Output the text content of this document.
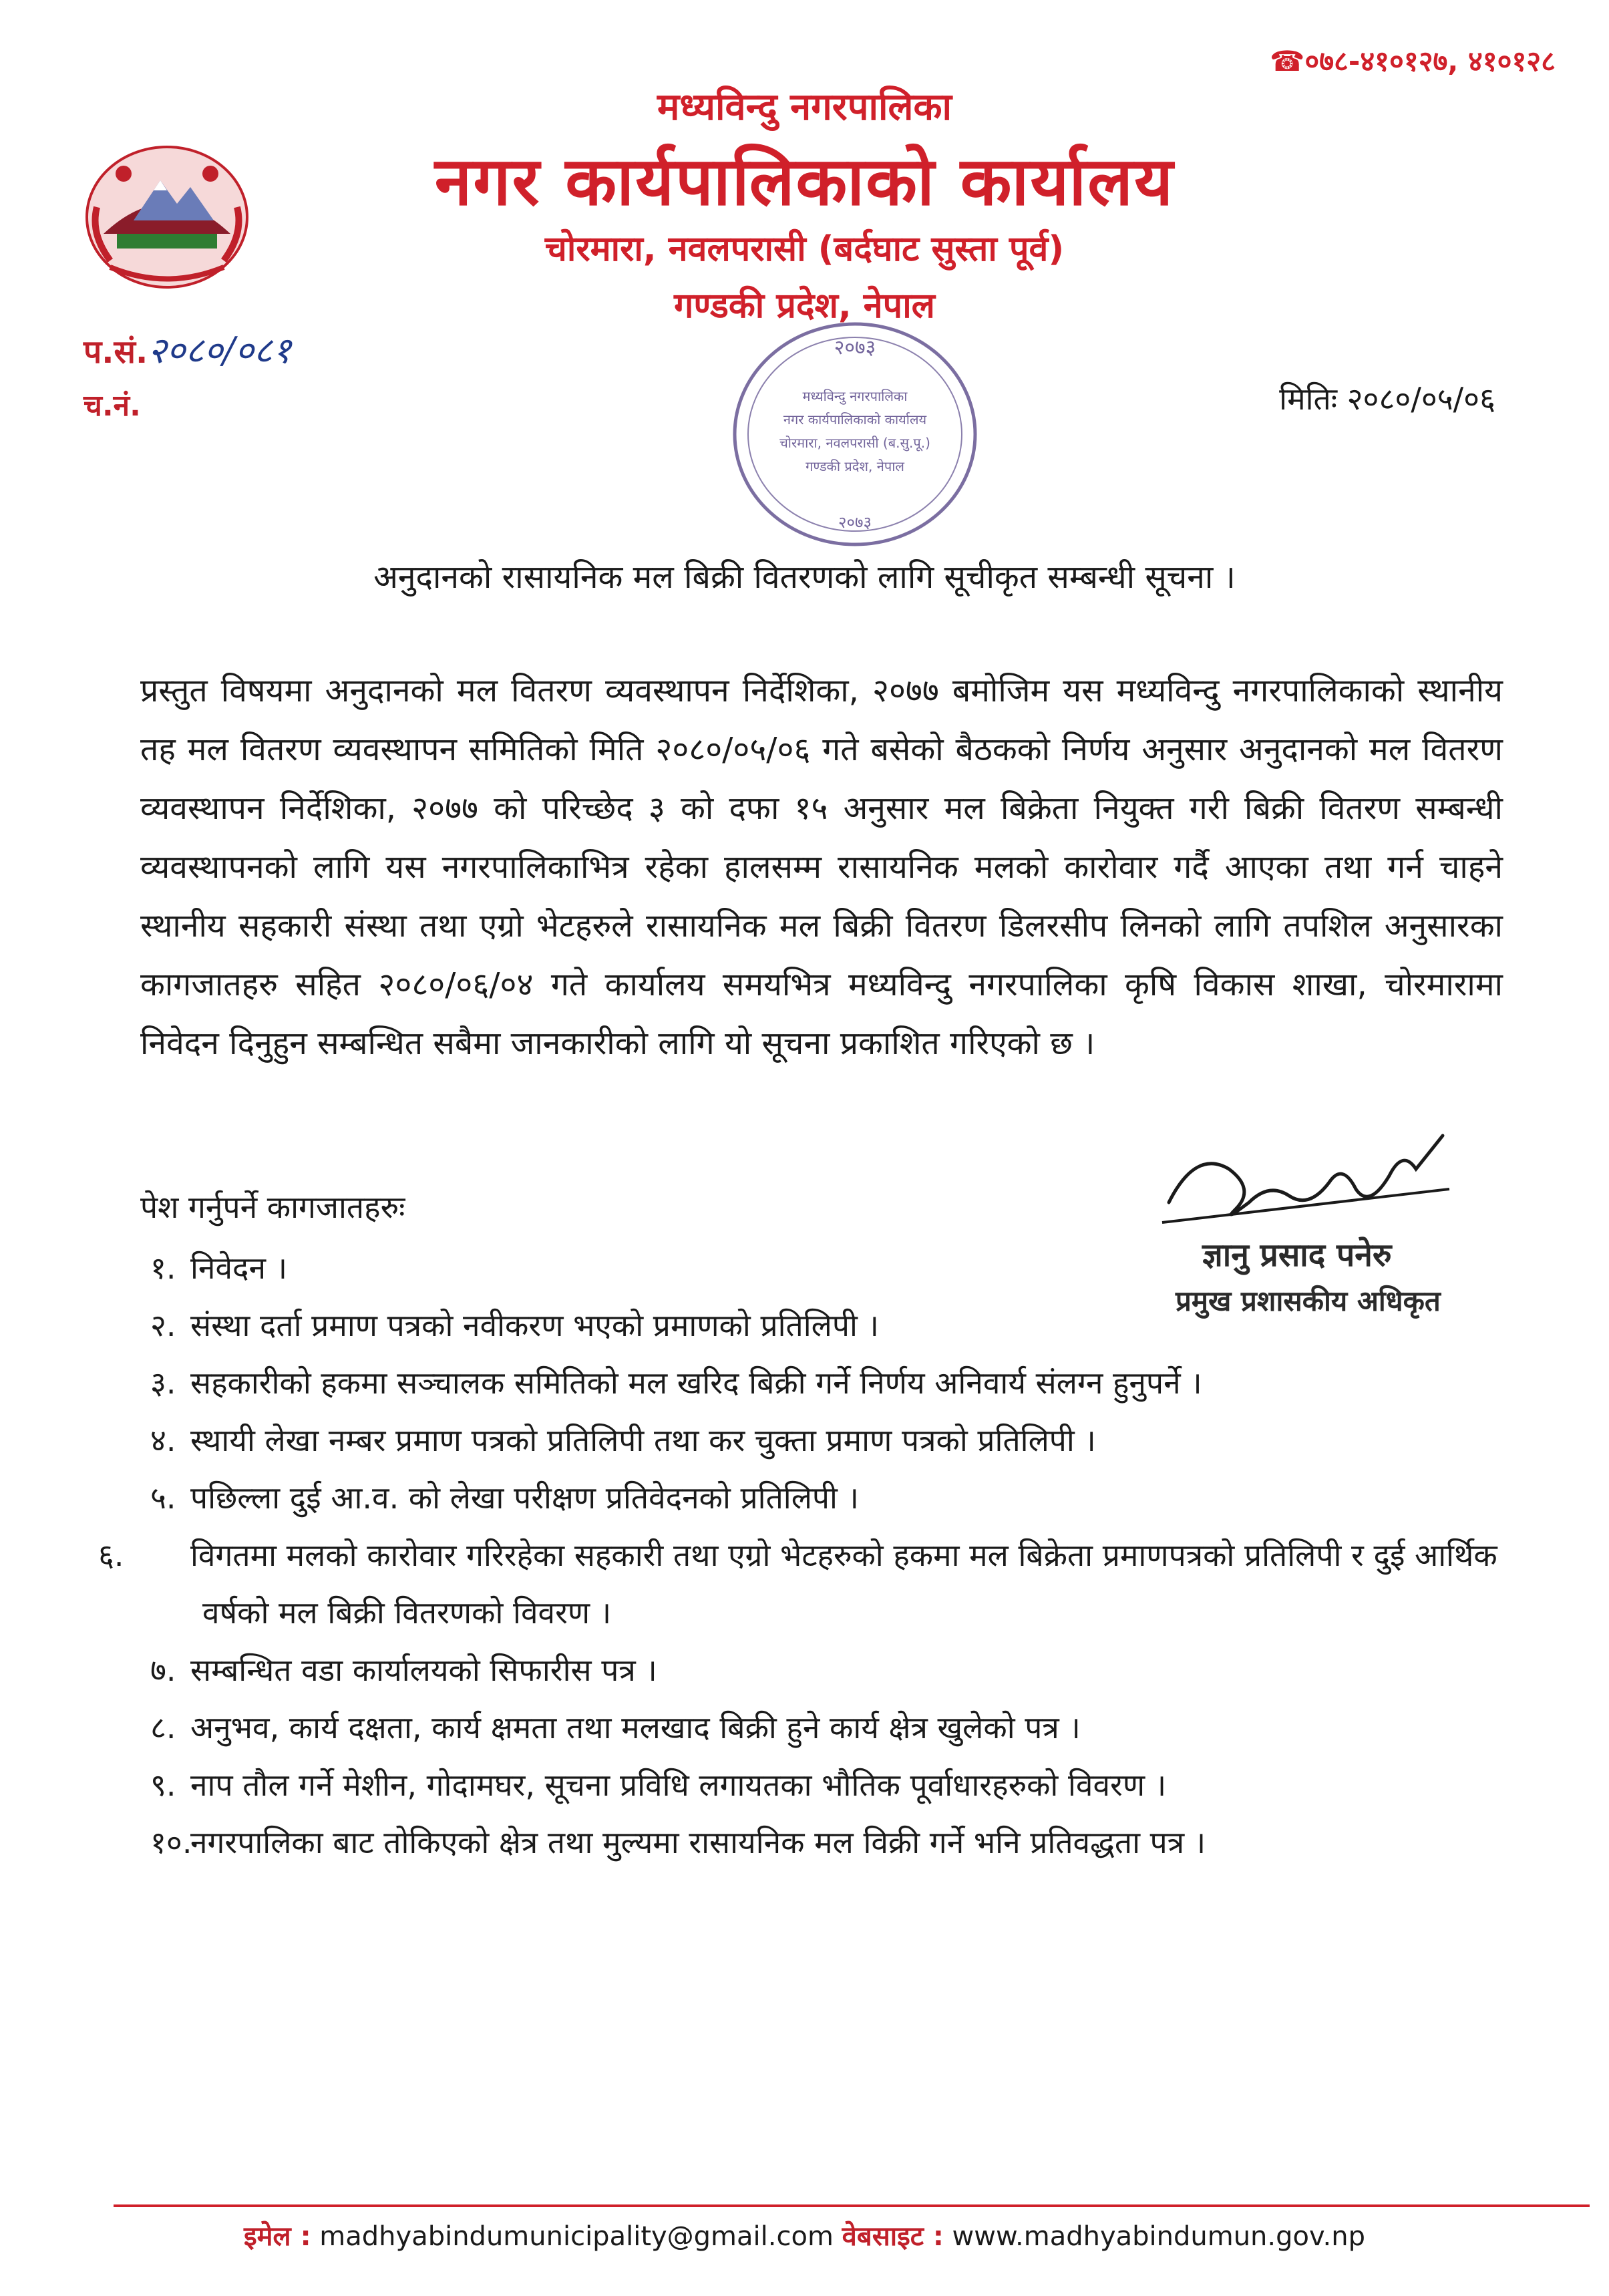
☎०७८-४१०१२७, ४१०१२८
मध्यविन्दु नगरपालिका
नगर कार्यपालिकाको कार्यालय
चोरमारा, नवलपरासी (बर्दघाट सुस्ता पूर्व)
गण्डकी प्रदेश, नेपाल
प.सं.२०८०/०८१
च.नं.	मितिः २०८०/०५/०६
२०७३
मध्यविन्दु नगरपालिका
नगर कार्यपालिकाको कार्यालय
चोरमारा, नवलपरासी (ब.सु.पू.)
गण्डकी प्रदेश, नेपाल
२०७३
अनुदानको रासायनिक मल बिक्री वितरणको लागि सूचीकृत सम्बन्धी सूचना ।
प्रस्तुत विषयमा अनुदानको मल वितरण व्यवस्थापन निर्देशिका, २०७७ बमोजिम यस मध्यविन्दु नगरपालिकाको स्थानीय तह मल वितरण व्यवस्थापन समितिको मिति २०८०/०५/०६ गते बसेको बैठकको निर्णय अनुसार अनुदानको मल वितरण व्यवस्थापन निर्देशिका, २०७७ को परिच्छेद ३ को दफा १५ अनुसार मल बिक्रेता नियुक्त गरी बिक्री वितरण सम्बन्धी व्यवस्थापनको लागि यस नगरपालिकाभित्र रहेका हालसम्म रासायनिक मलको कारोवार गर्दै आएका तथा गर्न चाहने स्थानीय सहकारी संस्था तथा एग्रो भेटहरुले रासायनिक मल बिक्री वितरण डिलरसीप लिनको लागि तपशिल अनुसारका कागजातहरु सहित २०८०/०६/०४ गते कार्यालय समयभित्र मध्यविन्दु नगरपालिका कृषि विकास शाखा, चोरमारामा निवेदन दिनुहुन सम्बन्धित सबैमा जानकारीको लागि यो सूचना प्रकाशित गरिएको छ ।
ज्ञानु प्रसाद पनेरु
प्रमुख प्रशासकीय अधिकृत
पेश गर्नुपर्ने कागजातहरुः
१. निवेदन ।
२. संस्था दर्ता प्रमाण पत्रको नवीकरण भएको प्रमाणको प्रतिलिपी ।
३. सहकारीको हकमा सञ्चालक समितिको मल खरिद बिक्री गर्ने निर्णय अनिवार्य संलग्न हुनुपर्ने ।
४. स्थायी लेखा नम्बर प्रमाण पत्रको प्रतिलिपी तथा कर चुक्ता प्रमाण पत्रको प्रतिलिपी ।
५. पछिल्ला दुई आ.व. को लेखा परीक्षण प्रतिवेदनको प्रतिलिपी ।
६. विगतमा मलको कारोवार गरिरहेका सहकारी तथा एग्रो भेटहरुको हकमा मल बिक्रेता प्रमाणपत्रको प्रतिलिपी र दुई आर्थिक वर्षको मल बिक्री वितरणको विवरण ।
७. सम्बन्धित वडा कार्यालयको सिफारीस पत्र ।
८. अनुभव, कार्य दक्षता, कार्य क्षमता तथा मलखाद बिक्री हुने कार्य क्षेत्र खुलेको पत्र ।
९. नाप तौल गर्ने मेशीन, गोदामघर, सूचना प्रविधि लगायतका भौतिक पूर्वाधारहरुको विवरण ।
१०.नगरपालिका बाट तोकिएको क्षेत्र तथा मुल्यमा रासायनिक मल विक्री गर्ने भनि प्रतिवद्धता पत्र ।
इमेल : madhyabindumunicipality@gmail.com वेबसाइट : www.madhyabindumun.gov.np
